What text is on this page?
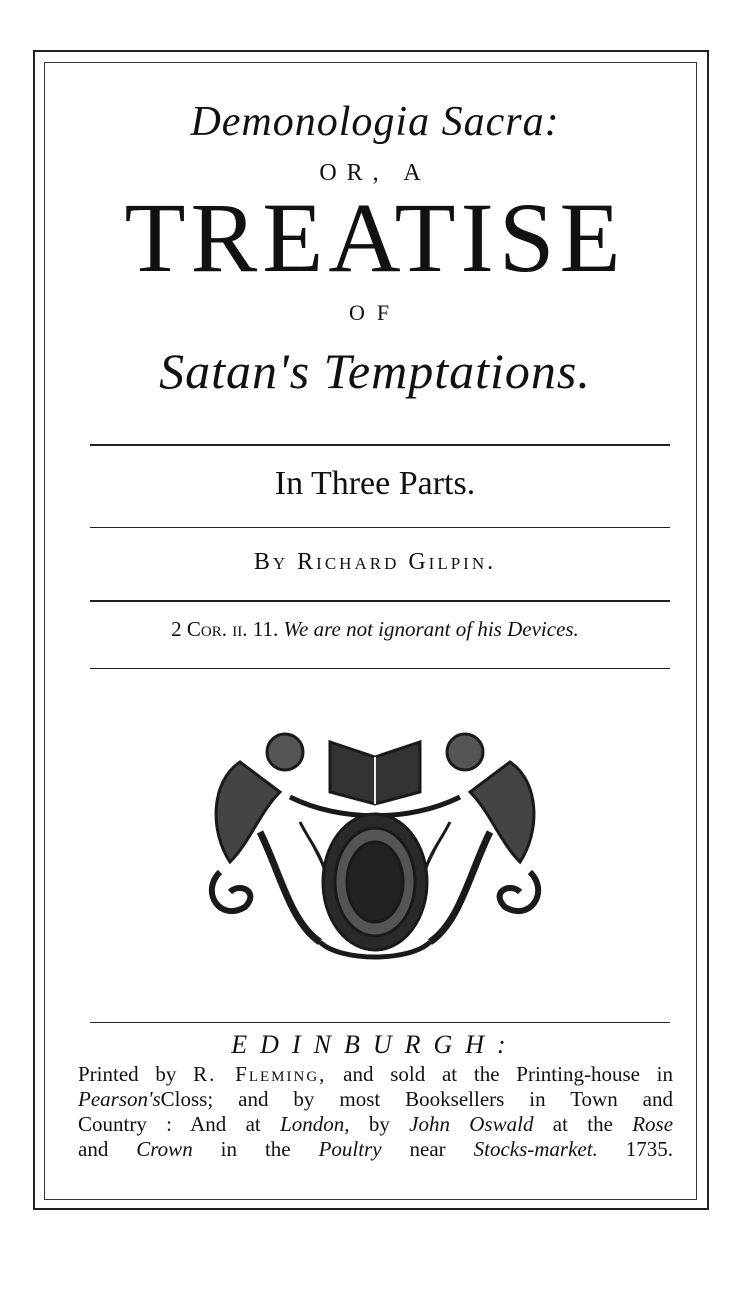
Demonologia Sacra:
OR, A
TREATISE
OF
Satan's Temptations.
In Three Parts.
By Richard Gilpin.
2 Cor. ii. 11. We are not ignorant of his Devices.
EDINBURGH:
Printed by R. Fleming, and sold at the Printing-house in
Pearson'sCloss; and by most Booksellers in Town and
Country : And at London, by John Oswald at the Rose
and Crown in the Poultry near Stocks-market. 1735.
